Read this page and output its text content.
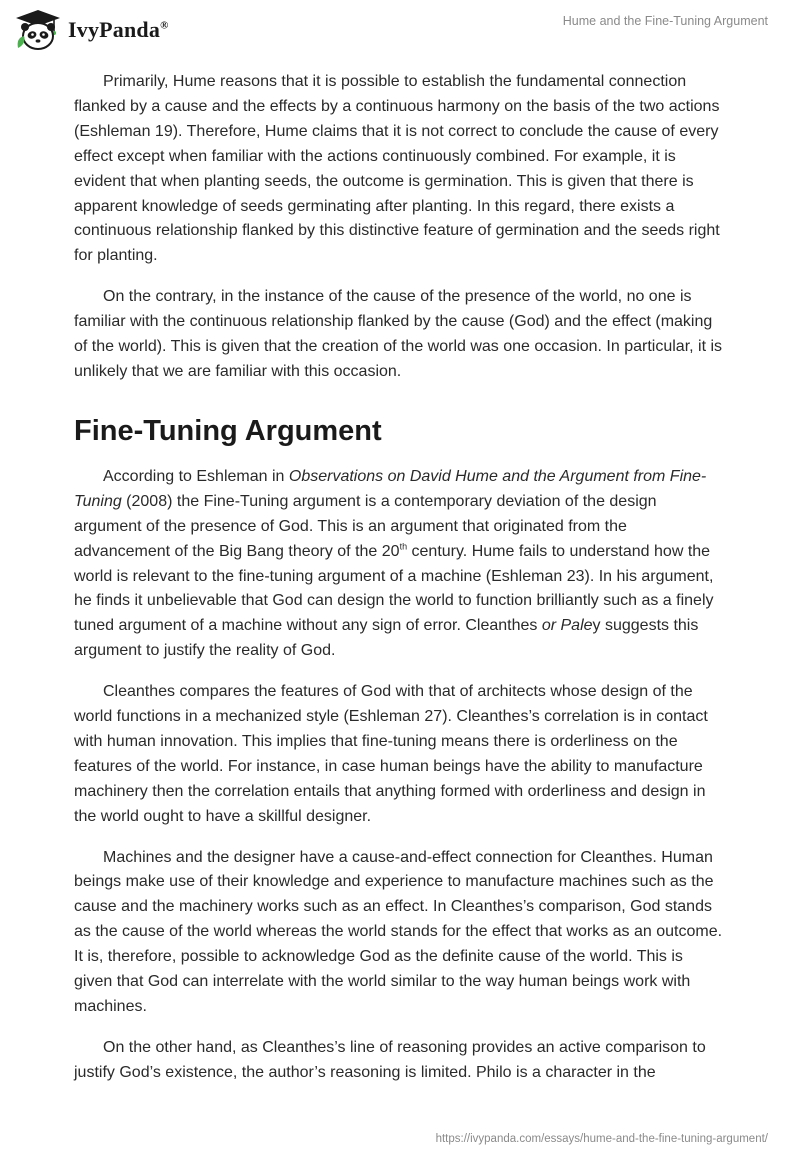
IvyPanda®	Hume and the Fine-Tuning Argument

Primarily, Hume reasons that it is possible to establish the fundamental connection flanked by a cause and the effects by a continuous harmony on the basis of the two actions (Eshleman 19). Therefore, Hume claims that it is not correct to conclude the cause of every effect except when familiar with the actions continuously combined. For example, it is evident that when planting seeds, the outcome is germination. This is given that there is apparent knowledge of seeds germinating after planting. In this regard, there exists a continuous relationship flanked by this distinctive feature of germination and the seeds right for planting.

On the contrary, in the instance of the cause of the presence of the world, no one is familiar with the continuous relationship flanked by the cause (God) and the effect (making of the world). This is given that the creation of the world was one occasion. In particular, it is unlikely that we are familiar with this occasion.

Fine-Tuning Argument

According to Eshleman in Observations on David Hume and the Argument from Fine-Tuning (2008) the Fine-Tuning argument is a contemporary deviation of the design argument of the presence of God. This is an argument that originated from the advancement of the Big Bang theory of the 20th century. Hume fails to understand how the world is relevant to the fine-tuning argument of a machine (Eshleman 23). In his argument, he finds it unbelievable that God can design the world to function brilliantly such as a finely tuned argument of a machine without any sign of error. Cleanthes or Paley suggests this argument to justify the reality of God.

Cleanthes compares the features of God with that of architects whose design of the world functions in a mechanized style (Eshleman 27). Cleanthes’s correlation is in contact with human innovation. This implies that fine-tuning means there is orderliness on the features of the world. For instance, in case human beings have the ability to manufacture machinery then the correlation entails that anything formed with orderliness and design in the world ought to have a skillful designer.

Machines and the designer have a cause-and-effect connection for Cleanthes. Human beings make use of their knowledge and experience to manufacture machines such as the cause and the machinery works such as an effect. In Cleanthes’s comparison, God stands as the cause of the world whereas the world stands for the effect that works as an outcome. It is, therefore, possible to acknowledge God as the definite cause of the world. This is given that God can interrelate with the world similar to the way human beings work with machines.

On the other hand, as Cleanthes’s line of reasoning provides an active comparison to justify God’s existence, the author’s reasoning is limited. Philo is a character in the

https://ivypanda.com/essays/hume-and-the-fine-tuning-argument/
